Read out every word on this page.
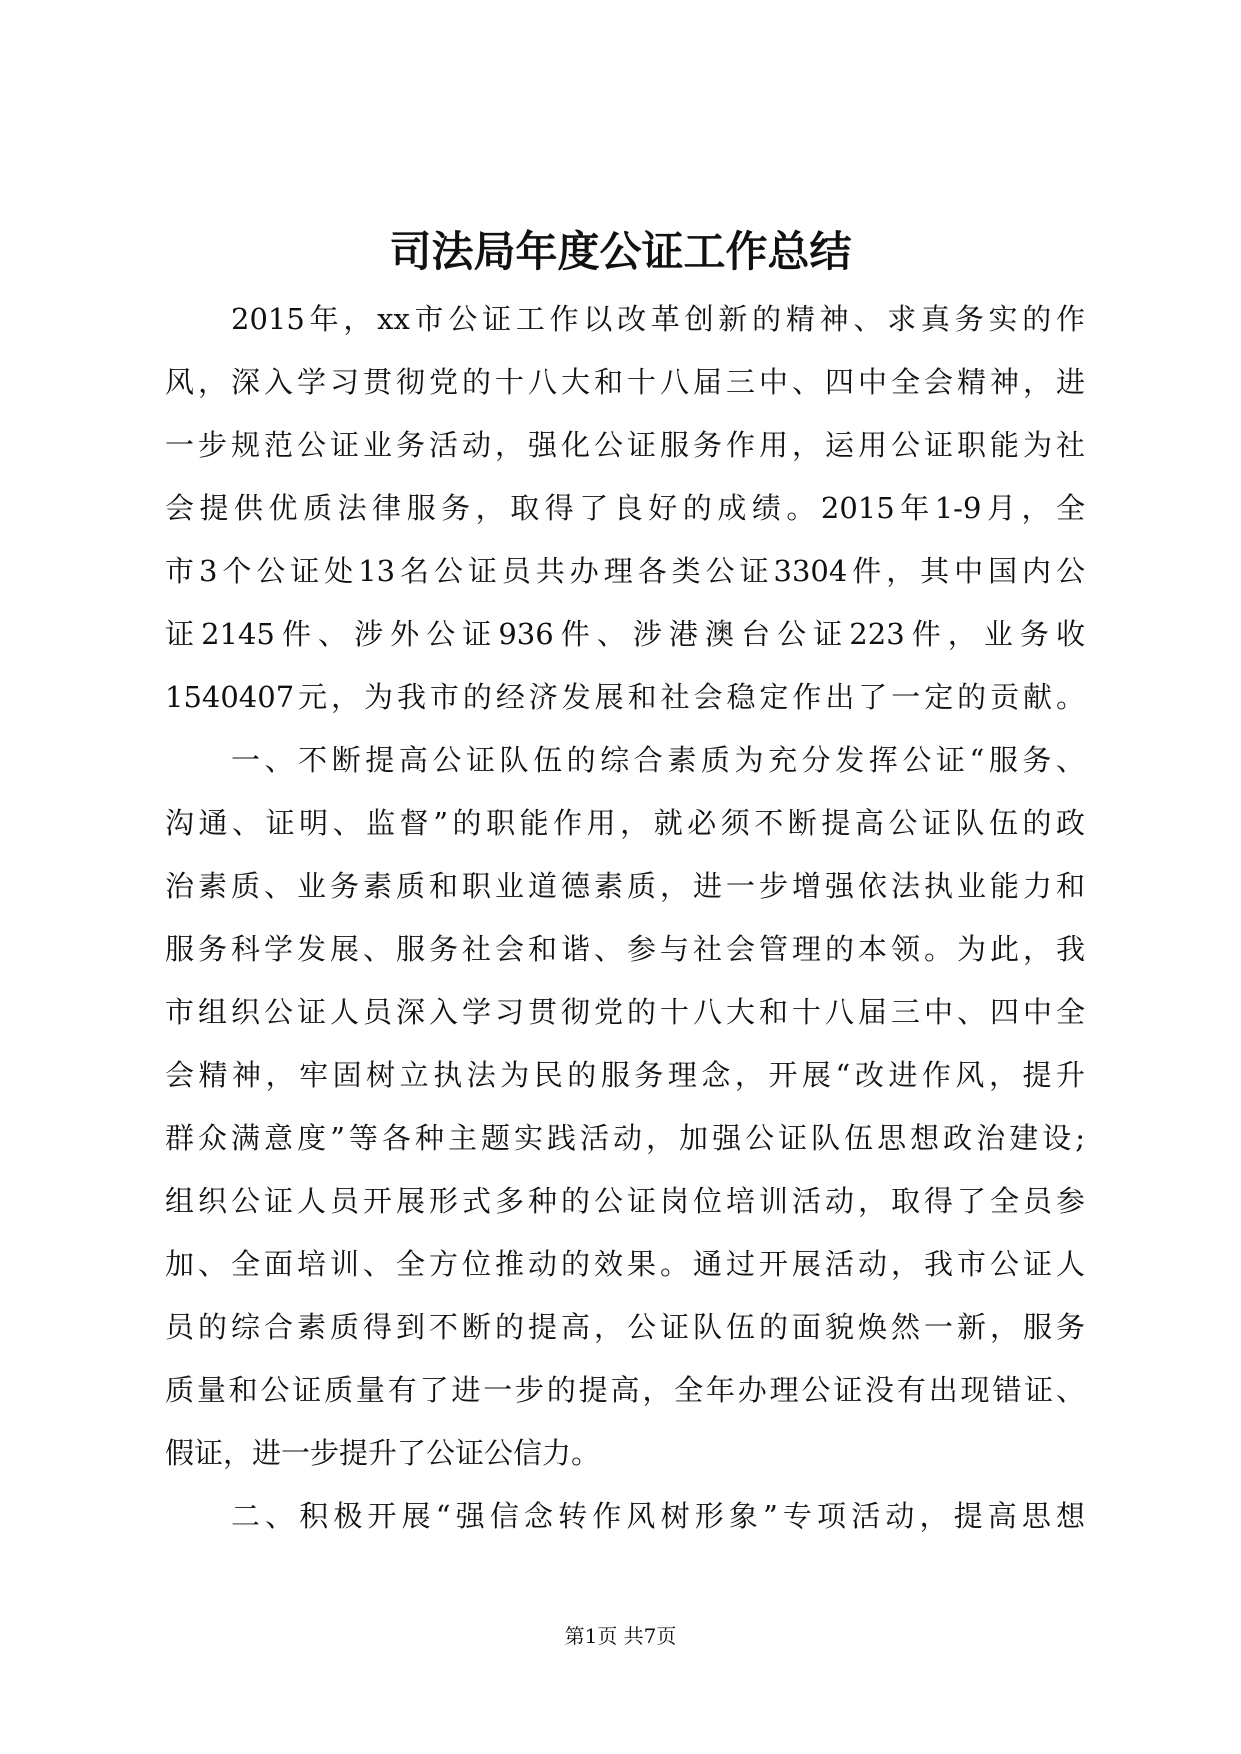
司法局年度公证工作总结
2015年，xx市公证工作以改革创新的精神、求真务实的作
风，深入学习贯彻党的十八大和十八届三中、四中全会精神，进
一步规范公证业务活动，强化公证服务作用，运用公证职能为社
会提供优质法律服务，取得了良好的成绩。2015年1-9月，全
市3个公证处13名公证员共办理各类公证3304件，其中国内公
证2145件、涉外公证936件、涉港澳台公证223件，业务收
1540407元，为我市的经济发展和社会稳定作出了一定的贡献。
一、不断提高公证队伍的综合素质为充分发挥公证“服务、
沟通、证明、监督”的职能作用，就必须不断提高公证队伍的政
治素质、业务素质和职业道德素质，进一步增强依法执业能力和
服务科学发展、服务社会和谐、参与社会管理的本领。为此，我
市组织公证人员深入学习贯彻党的十八大和十八届三中、四中全
会精神，牢固树立执法为民的服务理念，开展“改进作风，提升
群众满意度”等各种主题实践活动，加强公证队伍思想政治建设;
组织公证人员开展形式多种的公证岗位培训活动，取得了全员参
加、全面培训、全方位推动的效果。通过开展活动，我市公证人
员的综合素质得到不断的提高，公证队伍的面貌焕然一新，服务
质量和公证质量有了进一步的提高，全年办理公证没有出现错证、
假证，进一步提升了公证公信力。
二、积极开展“强信念转作风树形象”专项活动，提高思想
第1页 共7页
